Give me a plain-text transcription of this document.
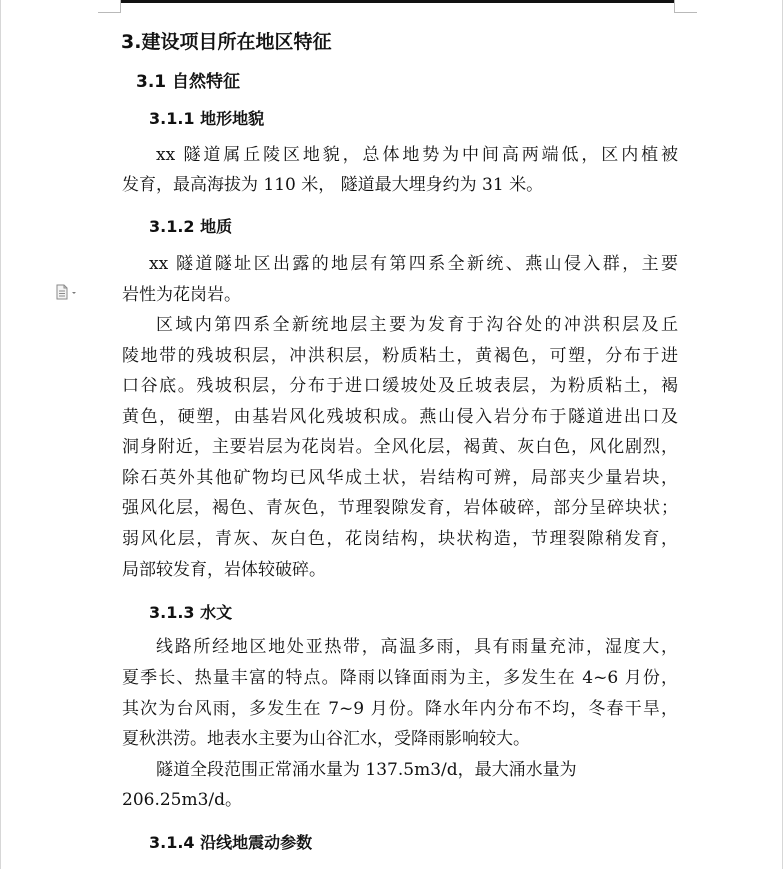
3.建设项目所在地区特征
3.1 自然特征
3.1.1 地形地貌
xx 隧道属丘陵区地貌，总体地势为中间高两端低，区内植被
发育，最高海拔为 110 米， 隧道最大埋身约为 31 米。
3.1.2 地质
xx 隧道隧址区出露的地层有第四系全新统、燕山侵入群，主要
岩性为花岗岩。
区域内第四系全新统地层主要为发育于沟谷处的冲洪积层及丘
陵地带的残坡积层，冲洪积层，粉质粘土，黄褐色，可塑，分布于进
口谷底。残坡积层，分布于进口缓坡处及丘坡表层，为粉质粘土，褐
黄色，硬塑，由基岩风化残坡积成。燕山侵入岩分布于隧道进出口及
洞身附近，主要岩层为花岗岩。全风化层，褐黄、灰白色，风化剧烈，
除石英外其他矿物均已风华成土状，岩结构可辨，局部夹少量岩块，
强风化层，褐色、青灰色，节理裂隙发育，岩体破碎，部分呈碎块状；
弱风化层，青灰、灰白色，花岗结构，块状构造，节理裂隙稍发育，
局部较发育，岩体较破碎。
3.1.3 水文
线路所经地区地处亚热带，高温多雨，具有雨量充沛，湿度大，
夏季长、热量丰富的特点。降雨以锋面雨为主，多发生在 4~6 月份，
其次为台风雨，多发生在 7~9 月份。降水年内分布不均，冬春干旱，
夏秋洪涝。地表水主要为山谷汇水，受降雨影响较大。
隧道全段范围正常涌水量为 137.5m3/d，最大涌水量为
206.25m3/d。
3.1.4 沿线地震动参数
